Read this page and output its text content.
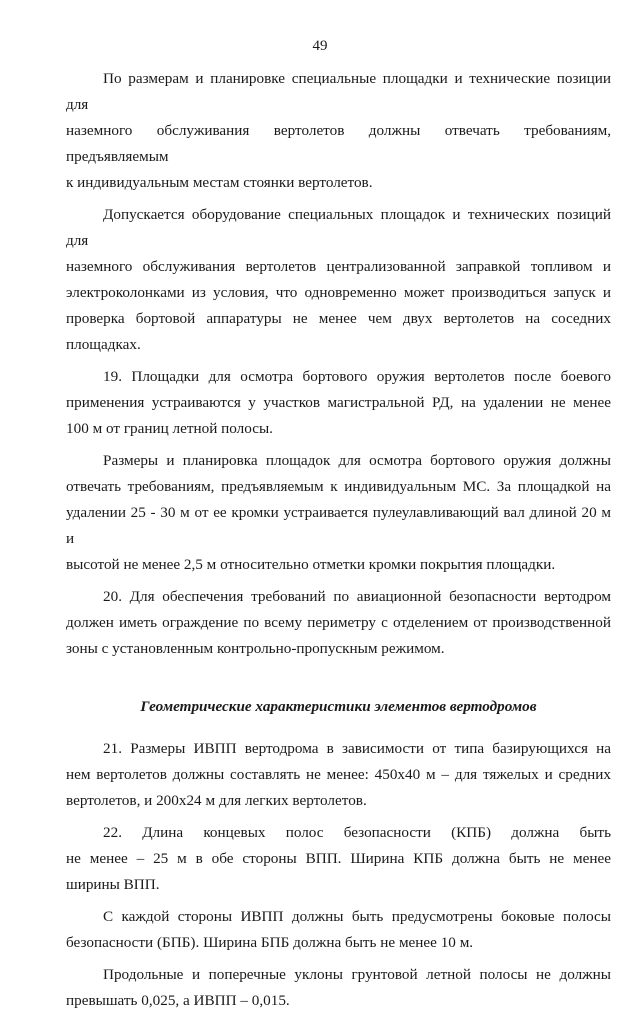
49
По размерам и планировке специальные площадки и технические позиции для
наземного обслуживания вертолетов должны отвечать требованиям, предъявляемым
к индивидуальным местам стоянки вертолетов.
Допускается оборудование специальных площадок и технических позиций для
наземного обслуживания вертолетов централизованной заправкой топливом и
электроколонками из условия, что одновременно может производиться запуск и
проверка бортовой аппаратуры не менее чем двух вертолетов на соседних
площадках.
19. Площадки для осмотра бортового оружия вертолетов после боевого
применения устраиваются у участков магистральной РД, на удалении не менее
100 м от границ летной полосы.
Размеры и планировка площадок для осмотра бортового оружия должны
отвечать требованиям, предъявляемым к индивидуальным МС. За площадкой на
удалении 25 - 30 м от ее кромки устраивается пулеулавливающий вал длиной 20 м и
высотой не менее 2,5 м относительно отметки кромки покрытия площадки.
20. Для обеспечения требований по авиационной безопасности вертодром
должен иметь ограждение по всему периметру с отделением от производственной
зоны с установленным контрольно-пропускным режимом.
Геометрические характеристики элементов вертодромов
21. Размеры ИВПП вертодрома в зависимости от типа базирующихся на
нем вертолетов должны составлять не менее: 450х40 м – для тяжелых и средних
вертолетов, и 200х24 м для легких вертолетов.
22. Длина концевых полос безопасности (КПБ) должна быть
не менее – 25 м в обе стороны ВПП. Ширина КПБ должна быть не менее
ширины ВПП.
С каждой стороны ИВПП должны быть предусмотрены боковые полосы
безопасности (БПБ). Ширина БПБ должна быть не менее 10 м.
Продольные и поперечные уклоны грунтовой летной полосы не должны
превышать 0,025, а ИВПП – 0,015.
